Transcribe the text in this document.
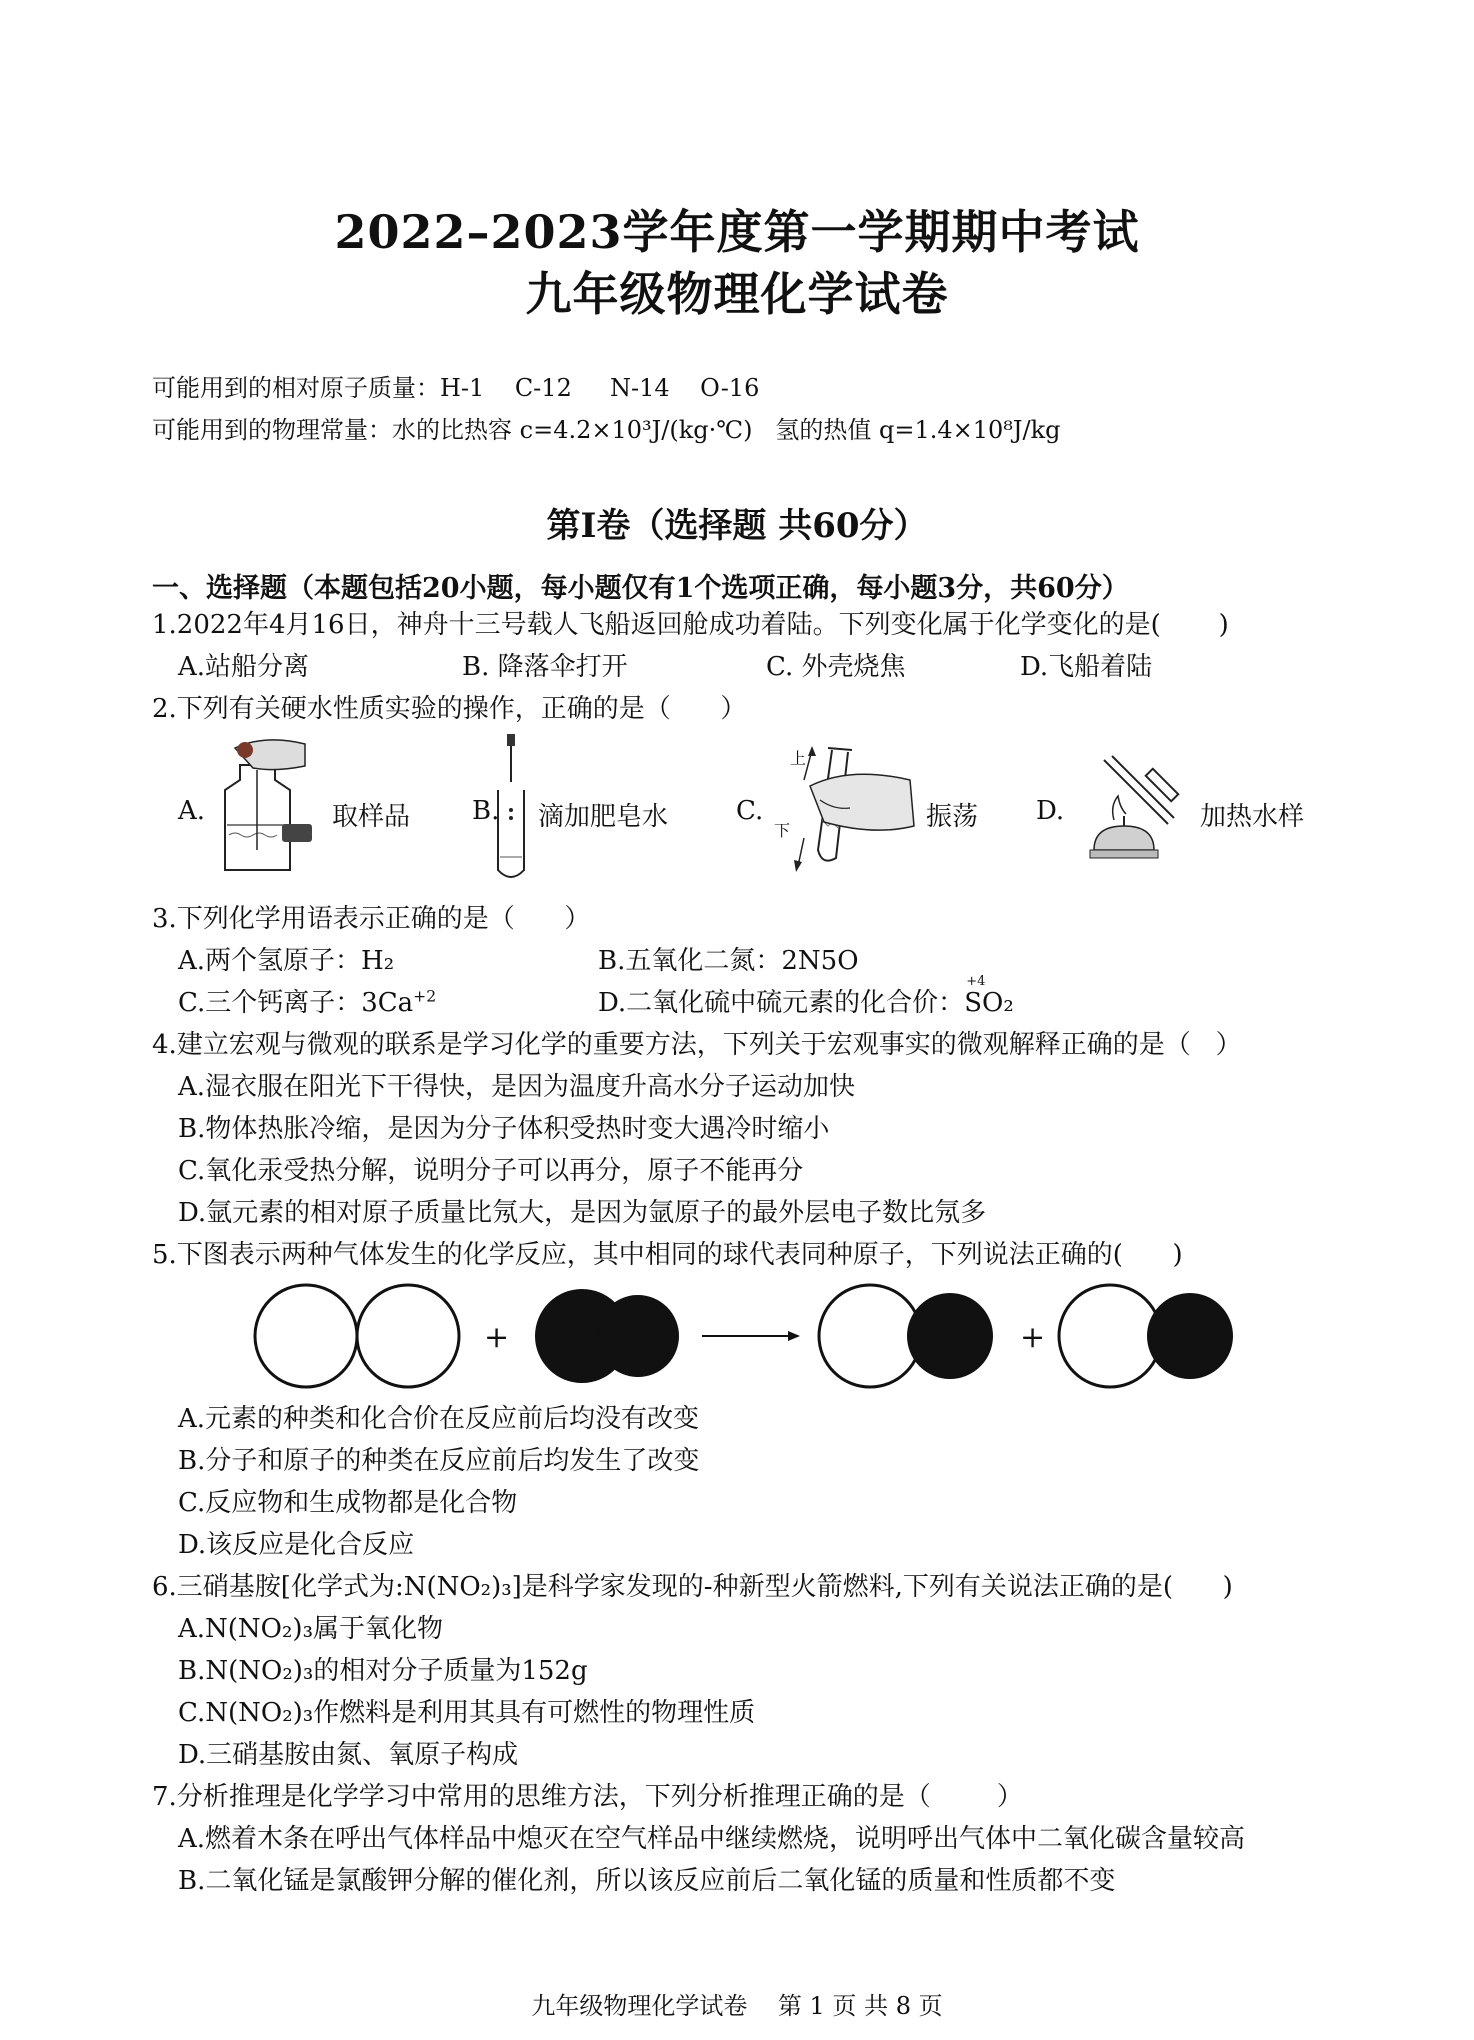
2022–2023学年度第一学期期中考试
九年级物理化学试卷
可能用到的相对原子质量：H-1    C-12     N-14    O-16
可能用到的物理常量：水的比热容 c=4.2×10³J/(kg·℃)   氢的热值 q=1.4×10⁸J/kg
第Ⅰ卷（选择题 共60分）
一、选择题（本题包括20小题，每小题仅有1个选项正确，每小题3分，共60分）
1.2022年4月16日，神舟十三号载人飞船返回舱成功着陆。下列变化属于化学变化的是(       )
A.站船分离	B. 降落伞打开	C. 外壳烧焦	D.飞船着陆
2.下列有关硬水性质实验的操作，正确的是（      ）
A.	取样品 B. 滴加肥皂水	C.
上
下	振荡 D.	加热水样
3.下列化学用语表示正确的是（      ）
A.两个氢原子：H₂	B.五氧化二氮：2N5O
C.三个钙离子：$3Ca^{+2}$	D.二氧化硫中硫元素的化合价：
+4
SO₂
4.建立宏观与微观的联系是学习化学的重要方法，下列关于宏观事实的微观解释正确的是（   ）
A.湿衣服在阳光下干得快，是因为温度升高水分子运动加快
B.物体热胀冷缩，是因为分子体积受热时变大遇冷时缩小
C.氧化汞受热分解，说明分子可以再分，原子不能再分
D.氩元素的相对原子质量比氖大，是因为氩原子的最外层电子数比氖多
5.下图表示两种气体发生的化学反应，其中相同的球代表同种原子，下列说法正确的(      )
+	+
A.元素的种类和化合价在反应前后均没有改变
B.分子和原子的种类在反应前后均发生了改变
C.反应物和生成物都是化合物
D.该反应是化合反应
6.三硝基胺[化学式为:N(NO₂)₃]是科学家发现的-种新型火箭燃料,下列有关说法正确的是(      )
A.N(NO₂)₃属于氧化物
B.N(NO₂)₃的相对分子质量为152g
C.N(NO₂)₃作燃料是利用其具有可燃性的物理性质
D.三硝基胺由氮、氧原子构成
7.分析推理是化学学习中常用的思维方法，下列分析推理正确的是（        ）
A.燃着木条在呼出气体样品中熄灭在空气样品中继续燃烧，说明呼出气体中二氧化碳含量较高
B.二氧化锰是氯酸钾分解的催化剂，所以该反应前后二氧化锰的质量和性质都不变
九年级物理化学试卷    第 1 页 共 8 页
